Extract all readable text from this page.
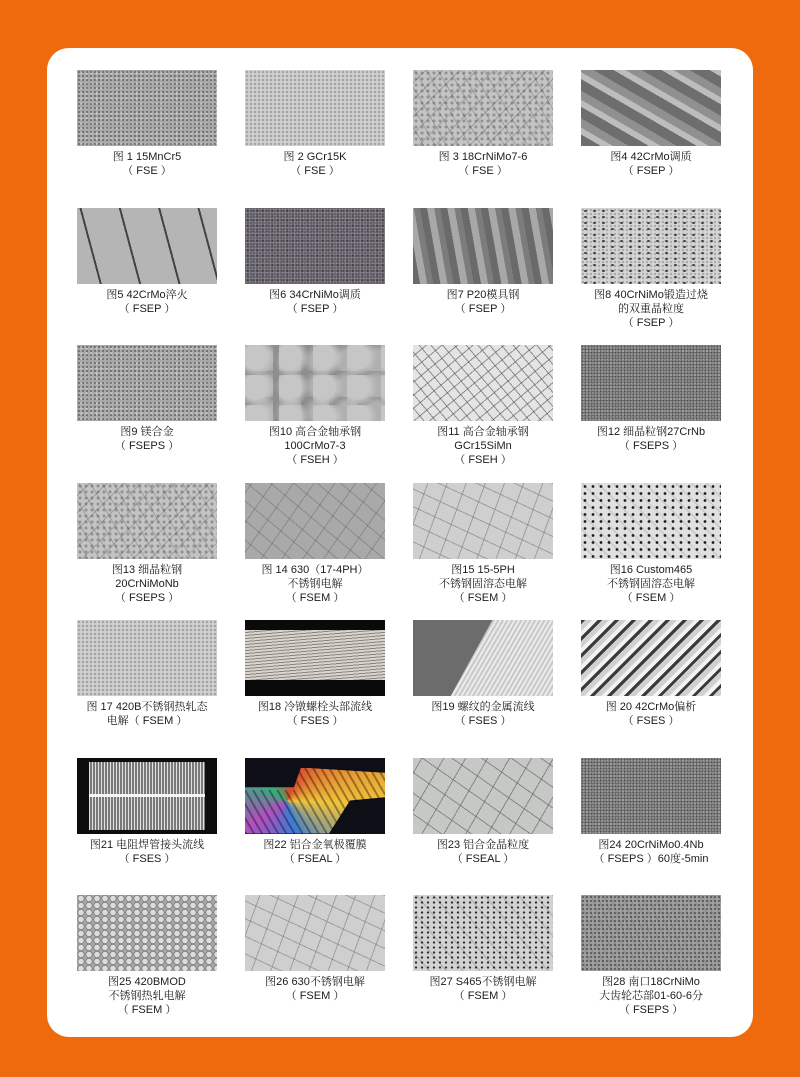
图 1 15MnCr5
（ FSE ）
图 2 GCr15K
（ FSE ）
图 3 18CrNiMo7-6
（ FSE ）
图4 42CrMo调质
（ FSEP ）
图5 42CrMo淬火
（ FSEP ）
图6 34CrNiMo调质
（ FSEP ）
图7 P20模具钢
（ FSEP ）
图8 40CrNiMo锻造过烧
的双重晶粒度
（ FSEP ）
图9 镁合金
（ FSEPS ）
图10 高合金轴承钢
100CrMo7-3
（ FSEH ）
图11 高合金轴承钢
GCr15SiMn
（ FSEH ）
图12 细晶粒钢27CrNb
（ FSEPS ）
图13 细晶粒钢
20CrNiMoNb
（ FSEPS ）
图 14 630（17-4PH）
不锈钢电解
（ FSEM ）
图15 15-5PH
不锈钢固溶态电解
（ FSEM ）
图16 Custom465
不锈钢固溶态电解
（ FSEM ）
图 17 420B不锈钢热轧态
电解（ FSEM ）
图18 冷镦螺栓头部流线
（ FSES ）
图19 螺纹的金属流线
（ FSES ）
图 20 42CrMo偏析
（ FSES ）
图21 电阻焊管接头流线
（ FSES ）
图22 铝合金氧极覆膜
（ FSEAL ）
图23 铝合金晶粒度
（ FSEAL ）
图24 20CrNiMo0.4Nb
（ FSEPS ）60度-5min
图25 420BMOD
不锈钢热轧电解
（ FSEM ）
图26 630不锈钢电解
（ FSEM ）
图27 S465不锈钢电解
（ FSEM ）
图28 南口18CrNiMo
大齿轮芯部01-60-6分
（ FSEPS ）
